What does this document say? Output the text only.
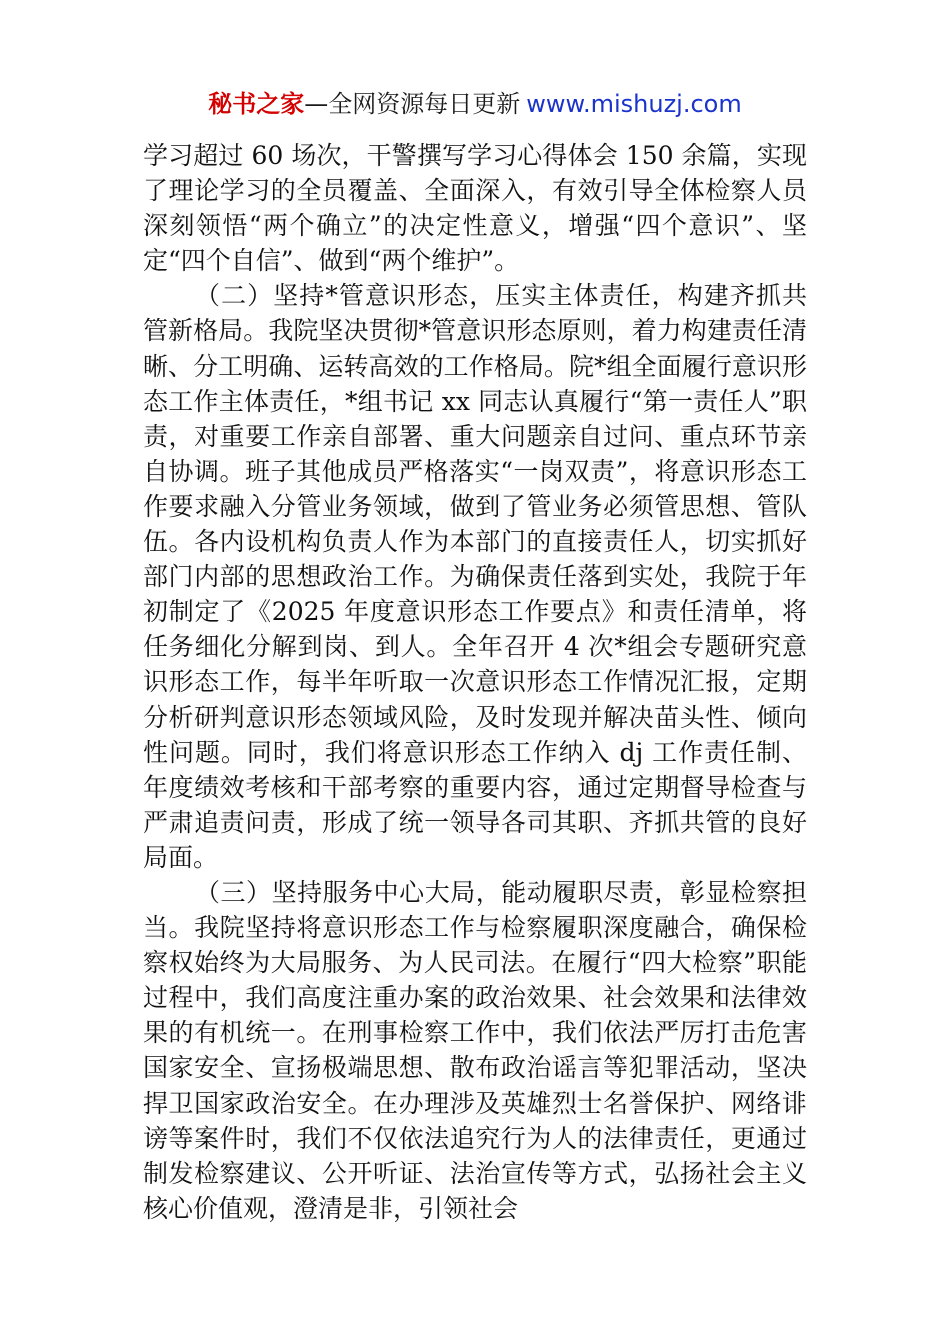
秘书之家—全网资源每日更新 www.mishuzj.com

学习超过 60 场次，干警撰写学习心得体会 150 余篇，实现了理论学习的全员覆盖、全面深入，有效引导全体检察人员深刻领悟“两个确立”的决定性意义，增强“四个意识”、坚定“四个自信”、做到“两个维护”。

（二）坚持*管意识形态，压实主体责任，构建齐抓共管新格局。我院坚决贯彻*管意识形态原则，着力构建责任清晰、分工明确、运转高效的工作格局。院*组全面履行意识形态工作主体责任，*组书记 xx 同志认真履行“第一责任人”职责，对重要工作亲自部署、重大问题亲自过问、重点环节亲自协调。班子其他成员严格落实“一岗双责”，将意识形态工作要求融入分管业务领域，做到了管业务必须管思想、管队伍。各内设机构负责人作为本部门的直接责任人，切实抓好部门内部的思想政治工作。为确保责任落到实处，我院于年初制定了《2025 年度意识形态工作要点》和责任清单，将任务细化分解到岗、到人。全年召开 4 次*组会专题研究意识形态工作，每半年听取一次意识形态工作情况汇报，定期分析研判意识形态领域风险，及时发现并解决苗头性、倾向性问题。同时，我们将意识形态工作纳入 dj 工作责任制、年度绩效考核和干部考察的重要内容，通过定期督导检查与严肃追责问责，形成了统一领导各司其职、齐抓共管的良好局面。

（三）坚持服务中心大局，能动履职尽责，彰显检察担当。我院坚持将意识形态工作与检察履职深度融合，确保检察权始终为大局服务、为人民司法。在履行“四大检察”职能过程中，我们高度注重办案的政治效果、社会效果和法律效果的有机统一。在刑事检察工作中，我们依法严厉打击危害国家安全、宣扬极端思想、散布政治谣言等犯罪活动，坚决捍卫国家政治安全。在办理涉及英雄烈士名誉保护、网络诽谤等案件时，我们不仅依法追究行为人的法律责任，更通过制发检察建议、公开听证、法治宣传等方式，弘扬社会主义核心价值观，澄清是非，引领社会
